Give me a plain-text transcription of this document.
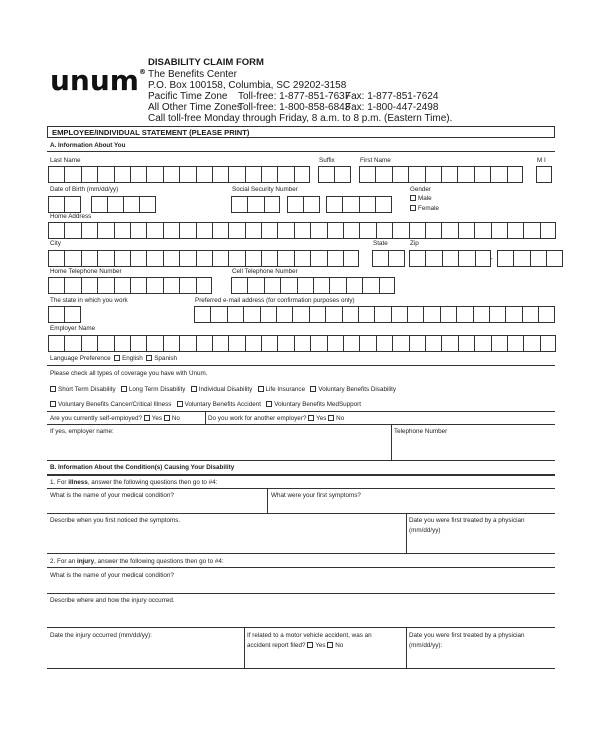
unum®
DISABILITY CLAIM FORM
The Benefits Center
P.O. Box 100158, Columbia, SC 29202-3158
Pacific Time Zone Toll-free: 1-877-851-7637
Fax: 1-877-851-7624
All Other Time Zones
Toll-free: 1-800-858-6843
Fax: 1-800-447-2498
Call toll-free Monday through Friday, 8 a.m. to 8 p.m. (Eastern Time).
EMPLOYEE/INDIVIDUAL STATEMENT (PLEASE PRINT)
A. Information About You
Last Name	Suffix	First Name	M I
Date of Birth (mm/dd/yy)	Social Security Number	Gender
Male
Female
Home Address
City	State	Zip
-
Home Telephone Number	Cell Telephone Number
The state in which you work	Preferred e-mail address (for confirmation purposes only)
Employer Name
Language Preference English Spanish
Please check all types of coverage you have with Unum.
Short Term Disability Long Term Disability Individual Disability Life Insurance Voluntary Benefits Disability
Voluntary Benefits Cancer/Critical Illness Voluntary Benefits Accident Voluntary Benefits MedSupport
Are you currently self-employed? Yes No	Do you work for another employer? Yes No
If yes, employer name:	Telephone Number
B. Information About the Condition(s) Causing Your Disability
1. For illness, answer the following questions then go to #4:
What is the name of your medical condition?	What were your first symptoms?
Describe when you first noticed the symptoms.	Date you were first treated by a physician
(mm/dd/yy)
2. For an injury, answer the following questions then go to #4:
What is the name of your medical condition?
Describe where and how the injury occurred.
Date the injury occurred (mm/dd/yy):	If related to a motor vehicle accident, was an
accident report filed? Yes No
Date you were first treated by a physician
(mm/dd/yy):
